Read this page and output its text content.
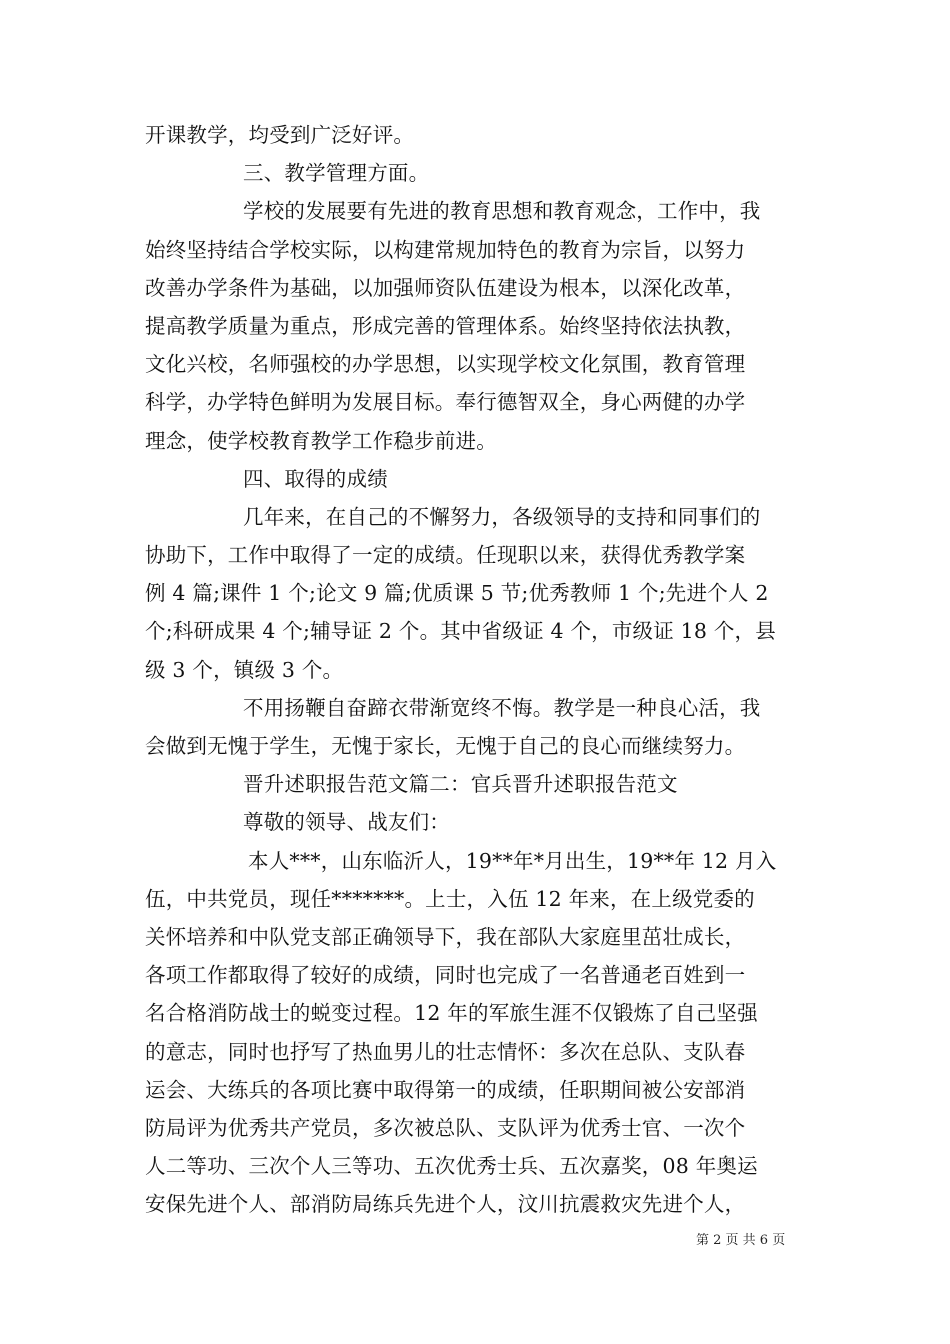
开课教学，均受到广泛好评。
三、教学管理方面。
学校的发展要有先进的教育思想和教育观念，工作中，我
始终坚持结合学校实际，以构建常规加特色的教育为宗旨，以努力
改善办学条件为基础，以加强师资队伍建设为根本，以深化改革，
提高教学质量为重点，形成完善的管理体系。始终坚持依法执教，
文化兴校，名师强校的办学思想，以实现学校文化氛围，教育管理
科学，办学特色鲜明为发展目标。奉行德智双全，身心两健的办学
理念，使学校教育教学工作稳步前进。
四、取得的成绩
几年来，在自己的不懈努力，各级领导的支持和同事们的
协助下，工作中取得了一定的成绩。任现职以来，获得优秀教学案
例 4 篇;课件 1 个;论文 9 篇;优质课 5 节;优秀教师 1 个;先进个人 2
个;科研成果 4 个;辅导证 2 个。其中省级证 4 个，市级证 18 个，县
级 3 个，镇级 3 个。
不用扬鞭自奋蹄衣带渐宽终不悔。教学是一种良心活，我
会做到无愧于学生，无愧于家长，无愧于自己的良心而继续努力。
晋升述职报告范文篇二：官兵晋升述职报告范文
尊敬的领导、战友们：
本人***，山东临沂人，19**年*月出生，19**年 12 月入
伍，中共党员，现任*******。上士，入伍 12 年来，在上级党委的
关怀培养和中队党支部正确领导下，我在部队大家庭里茁壮成长，
各项工作都取得了较好的成绩，同时也完成了一名普通老百姓到一
名合格消防战士的蜕变过程。12 年的军旅生涯不仅锻炼了自己坚强
的意志，同时也抒写了热血男儿的壮志情怀：多次在总队、支队春
运会、大练兵的各项比赛中取得第一的成绩，任职期间被公安部消
防局评为优秀共产党员，多次被总队、支队评为优秀士官、一次个
人二等功、三次个人三等功、五次优秀士兵、五次嘉奖，08 年奥运
安保先进个人、部消防局练兵先进个人，汶川抗震救灾先进个人，
第 2 页 共 6 页
